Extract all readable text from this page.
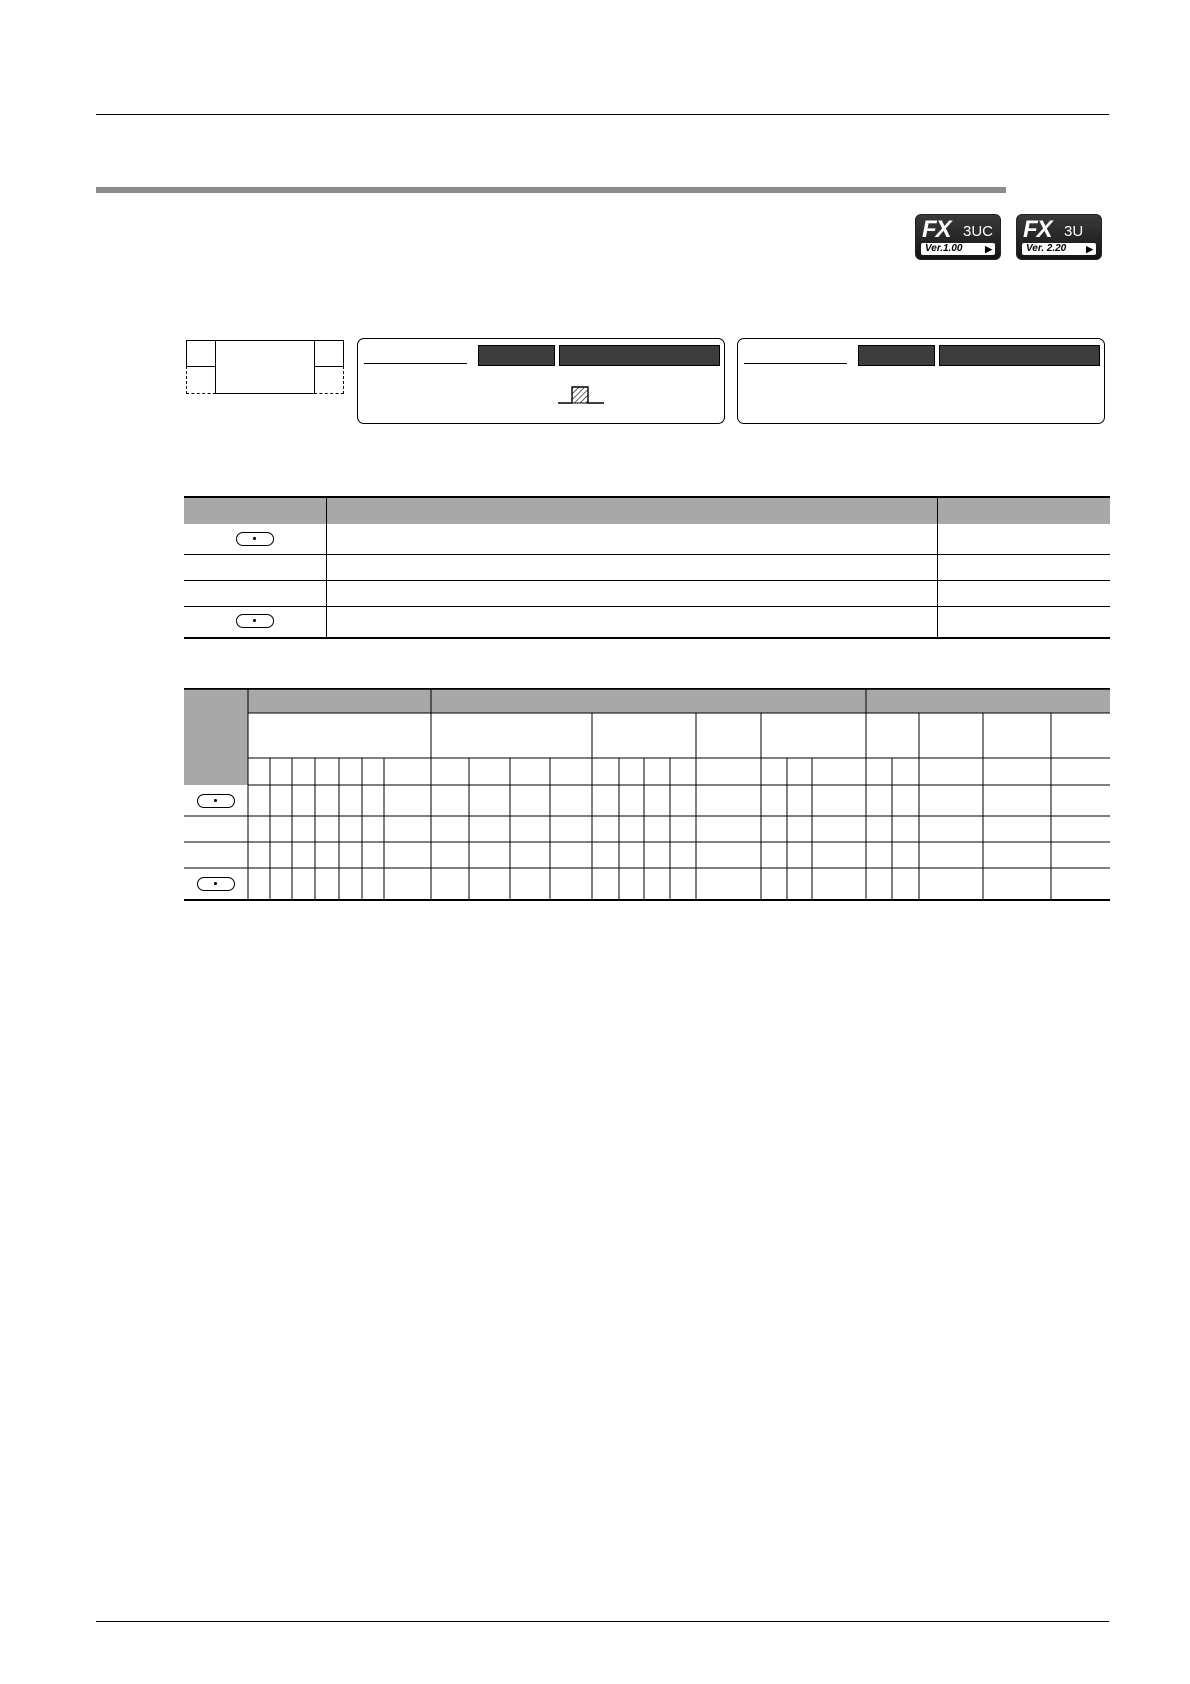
FX 3UC
Ver.1.00 ▶
FX 3U
Ver. 2.20 ▶
